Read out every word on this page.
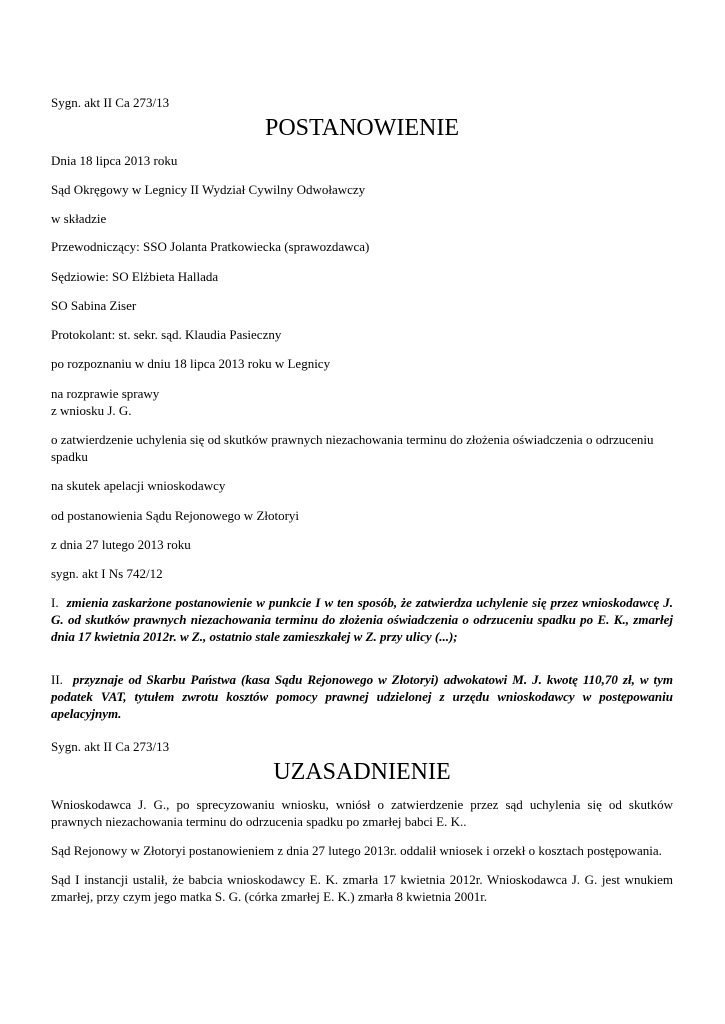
Sygn. akt II Ca 273/13

POSTANOWIENIE

Dnia 18 lipca 2013 roku

Sąd Okręgowy w Legnicy II Wydział Cywilny Odwoławczy

w składzie

Przewodniczący: SSO Jolanta Pratkowiecka (sprawozdawca)

Sędziowie: SO Elżbieta Hallada

SO Sabina Ziser

Protokolant: st. sekr. sąd. Klaudia Pasieczny

po rozpoznaniu w dniu 18 lipca 2013 roku w Legnicy

na rozprawie sprawy

z wniosku J. G.

o zatwierdzenie uchylenia się od skutków prawnych niezachowania terminu do złożenia oświadczenia o odrzuceniu spadku

na skutek apelacji wnioskodawcy

od postanowienia Sądu Rejonowego w Złotoryi

z dnia 27 lutego 2013 roku

sygn. akt I Ns 742/12

I. zmienia zaskarżone postanowienie w punkcie I w ten sposób, że zatwierdza uchylenie się przez wnioskodawcę J. G. od skutków prawnych niezachowania terminu do złożenia oświadczenia o odrzuceniu spadku po E. K., zmarłej dnia 17 kwietnia 2012r. w Z., ostatnio stale zamieszkałej w Z. przy ulicy (...);

II. przyznaje od Skarbu Państwa (kasa Sądu Rejonowego w Złotoryi) adwokatowi M. J. kwotę 110,70 zł, w tym podatek VAT, tytułem zwrotu kosztów pomocy prawnej udzielonej z urzędu wnioskodawcy w postępowaniu apelacyjnym.

Sygn. akt II Ca 273/13

UZASADNIENIE

Wnioskodawca J. G., po sprecyzowaniu wniosku, wniósł o zatwierdzenie przez sąd uchylenia się od skutków prawnych niezachowania terminu do odrzucenia spadku po zmarłej babci E. K..

Sąd Rejonowy w Złotoryi postanowieniem z dnia 27 lutego 2013r. oddalił wniosek i orzekł o kosztach postępowania.

Sąd I instancji ustalił, że babcia wnioskodawcy E. K. zmarła 17 kwietnia 2012r. Wnioskodawca J. G. jest wnukiem zmarłej, przy czym jego matka S. G. (córka zmarłej E. K.) zmarła 8 kwietnia 2001r.
